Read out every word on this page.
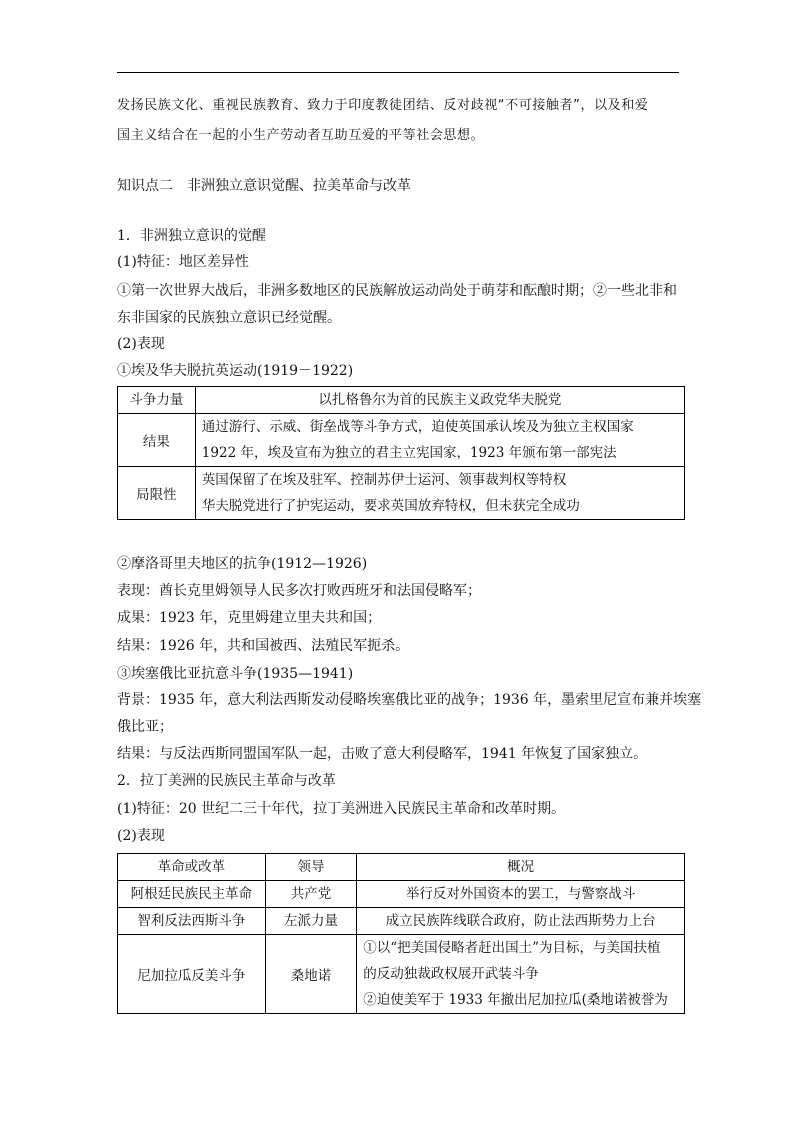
发扬民族文化、重视民族教育、致力于印度教徒团结、反对歧视“不可接触者”，以及和爱
国主义结合在一起的小生产劳动者互助互爱的平等社会思想。
知识点二　非洲独立意识觉醒、拉美革命与改革
1．非洲独立意识的觉醒
(1)特征：地区差异性
①第一次世界大战后，非洲多数地区的民族解放运动尚处于萌芽和酝酿时期；②一些北非和
东非国家的民族独立意识已经觉醒。
(2)表现
①埃及华夫脱抗英运动(1919－1922)
斗争力量	以扎格鲁尔为首的民族主义政党华夫脱党

结果	通过游行、示威、街垒战等斗争方式，迫使英国承认埃及为独立主权国家
1922 年，埃及宣布为独立的君主立宪国家，1923 年颁布第一部宪法

局限性	英国保留了在埃及驻军、控制苏伊士运河、领事裁判权等特权
华夫脱党进行了护宪运动，要求英国放弃特权，但未获完全成功
②摩洛哥里夫地区的抗争(1912—1926)
表现：酋长克里姆领导人民多次打败西班牙和法国侵略军；
成果：1923 年，克里姆建立里夫共和国；
结果：1926 年，共和国被西、法殖民军扼杀。
③埃塞俄比亚抗意斗争(1935—1941)
背景：1935 年，意大利法西斯发动侵略埃塞俄比亚的战争；1936 年，墨索里尼宣布兼并埃塞
俄比亚；
结果：与反法西斯同盟国军队一起，击败了意大利侵略军，1941 年恢复了国家独立。
2．拉丁美洲的民族民主革命与改革
(1)特征：20 世纪二三十年代，拉丁美洲进入民族民主革命和改革时期。
(2)表现
革命或改革	领导	概况

阿根廷民族民主革命	共产党	举行反对外国资本的罢工，与警察战斗

智利反法西斯斗争	左派力量	成立民族阵线联合政府，防止法西斯势力上台

尼加拉瓜反美斗争	桑地诺	①以“把美国侵略者赶出国土”为目标，与美国扶植
的反动独裁政权展开武装斗争
②迫使美军于 1933 年撤出尼加拉瓜(桑地诺被誉为
